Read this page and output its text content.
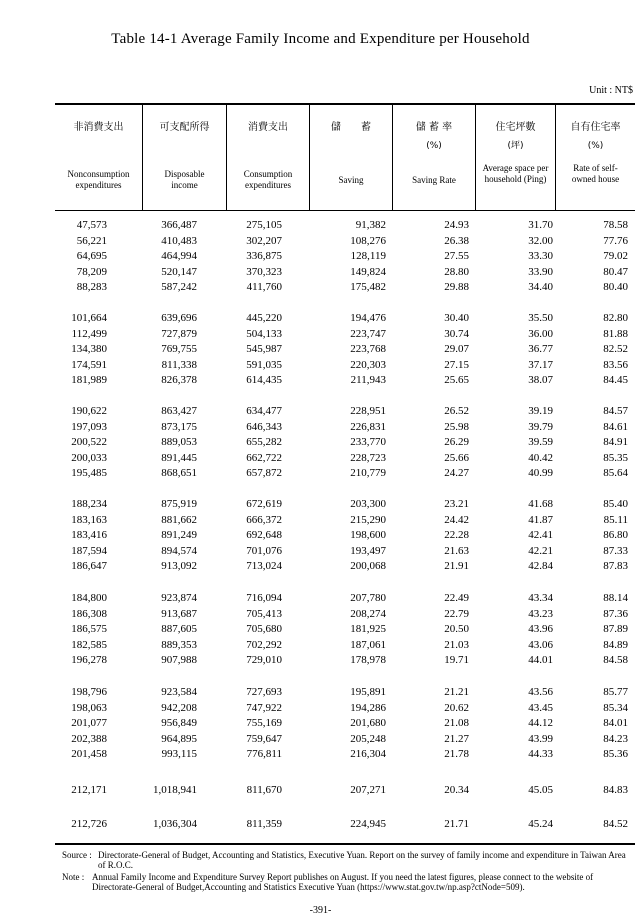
Table 14-1 Average Family Income and Expenditure per Household
Unit : NT$
非消費支出
Nonconsumption expenditures
可支配所得
Disposable income
消費支出
Consumption expenditures
儲　　蓄
Saving
儲 蓄 率
(%)
Saving Rate
住宅坪數
(坪)
Average space per household (Ping)
自有住宅率
(%)
Rate of self-owned house
47,573	366,487	275,105	91,382	24.93	31.70	78.58
56,221	410,483	302,207	108,276	26.38	32.00	77.76
64,695	464,994	336,875	128,119	27.55	33.30	79.02
78,209	520,147	370,323	149,824	28.80	33.90	80.47
88,283	587,242	411,760	175,482	29.88	34.40	80.40
101,664	639,696	445,220	194,476	30.40	35.50	82.80
112,499	727,879	504,133	223,747	30.74	36.00	81.88
134,380	769,755	545,987	223,768	29.07	36.77	82.52
174,591	811,338	591,035	220,303	27.15	37.17	83.56
181,989	826,378	614,435	211,943	25.65	38.07	84.45
190,622	863,427	634,477	228,951	26.52	39.19	84.57
197,093	873,175	646,343	226,831	25.98	39.79	84.61
200,522	889,053	655,282	233,770	26.29	39.59	84.91
200,033	891,445	662,722	228,723	25.66	40.42	85.35
195,485	868,651	657,872	210,779	24.27	40.99	85.64
188,234	875,919	672,619	203,300	23.21	41.68	85.40
183,163	881,662	666,372	215,290	24.42	41.87	85.11
183,416	891,249	692,648	198,600	22.28	42.41	86.80
187,594	894,574	701,076	193,497	21.63	42.21	87.33
186,647	913,092	713,024	200,068	21.91	42.84	87.83
184,800	923,874	716,094	207,780	22.49	43.34	88.14
186,308	913,687	705,413	208,274	22.79	43.23	87.36
186,575	887,605	705,680	181,925	20.50	43.96	87.89
182,585	889,353	702,292	187,061	21.03	43.06	84.89
196,278	907,988	729,010	178,978	19.71	44.01	84.58
198,796	923,584	727,693	195,891	21.21	43.56	85.77
198,063	942,208	747,922	194,286	20.62	43.45	85.34
201,077	956,849	755,169	201,680	21.08	44.12	84.01
202,388	964,895	759,647	205,248	21.27	43.99	84.23
201,458	993,115	776,811	216,304	21.78	44.33	85.36
212,171	1,018,941	811,670	207,271	20.34	45.05	84.83
212,726	1,036,304	811,359	224,945	21.71	45.24	84.52
Source : Directorate-General of Budget, Accounting and Statistics, Executive Yuan. Report on the survey of family income and expenditure in Taiwan Area of R.O.C.
Note : Annual Family Income and Expenditure Survey Report publishes on August. If you need the latest figures, please connect to the website of Directorate-General of Budget,Accounting and Statistics Executive Yuan (https://www.stat.gov.tw/np.asp?ctNode=509).
-391-
